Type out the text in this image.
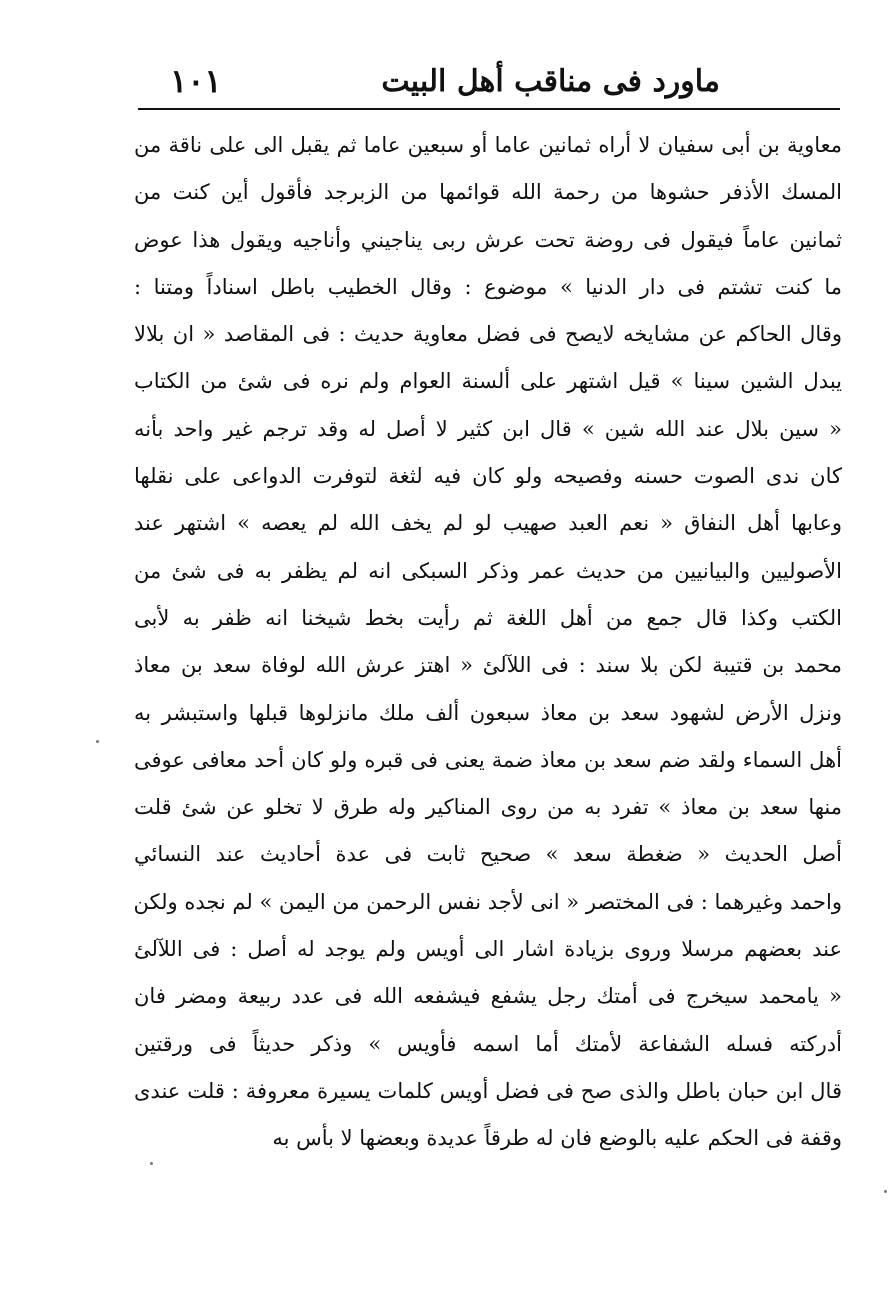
ماورد فى مناقب أهل البيت
١٠١
معاوية بن أبى سفيان لا أراه ثمانين عاما أو سبعين عاما ثم يقبل الى على ناقة من
المسك الأذفر حشوها من رحمة الله قوائمها من الزبرجد فأقول أين كنت من
ثمانين عاماً فيقول فى روضة تحت عرش ربى يناجيني وأناجيه ويقول هذا عوض
ما كنت تشتم فى دار الدنيا » موضوع : وقال الخطيب باطل اسناداً ومتنا :
وقال الحاكم عن مشايخه لايصح فى فضل معاوية حديث : فى المقاصد « ان بلالا
يبدل الشين سينا » قيل اشتهر على ألسنة العوام ولم نره فى شئ من الكتاب
« سين بلال عند الله شين » قال ابن كثير لا أصل له وقد ترجم غير واحد بأنه
كان ندى الصوت حسنه وفصيحه ولو كان فيه لثغة لتوفرت الدواعى على نقلها
وعابها أهل النفاق « نعم العبد صهيب لو لم يخف الله لم يعصه » اشتهر عند
الأصوليين والبيانيين من حديث عمر وذكر السبكى انه لم يظفر به فى شئ من
الكتب وكذا قال جمع من أهل اللغة ثم رأيت بخط شيخنا انه ظفر به لأبى
محمد بن قتيبة لكن بلا سند : فى اللآلئ « اهتز عرش الله لوفاة سعد بن معاذ
ونزل الأرض لشهود سعد بن معاذ سبعون ألف ملك مانزلوها قبلها واستبشر به
أهل السماء ولقد ضم سعد بن معاذ ضمة يعنى فى قبره ولو كان أحد معافى عوفى
منها سعد بن معاذ » تفرد به من روى المناكير وله طرق لا تخلو عن شئ قلت
أصل الحديث « ضغطة سعد » صحيح ثابت فى عدة أحاديث عند النسائي
واحمد وغيرهما : فى المختصر « انى لأجد نفس الرحمن من اليمن » لم نجده ولكن
عند بعضهم مرسلا وروى بزيادة اشار الى أويس ولم يوجد له أصل : فى اللآلئ
« يامحمد سيخرج فى أمتك رجل يشفع فيشفعه الله فى عدد ربيعة ومضر فان
أدركته فسله الشفاعة لأمتك أما اسمه فأويس » وذكر حديثاً فى ورقتين
قال ابن حبان باطل والذى صح فى فضل أويس كلمات يسيرة معروفة : قلت عندى
وقفة فى الحكم عليه بالوضع فان له طرقاً عديدة وبعضها لا بأس به
